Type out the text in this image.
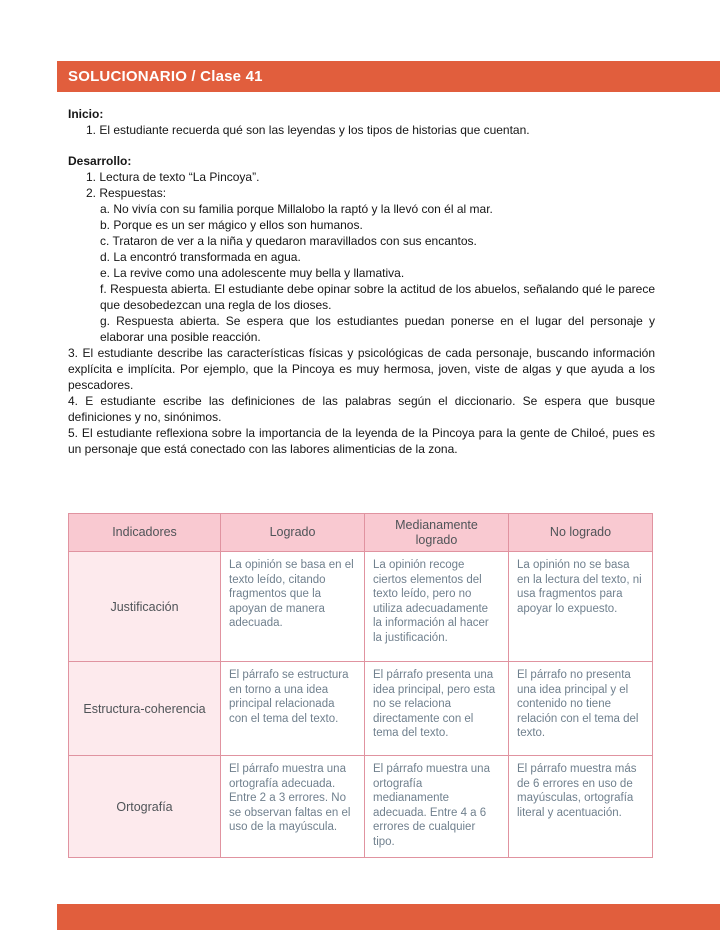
SOLUCIONARIO / Clase 41

Inicio:

1. El estudiante recuerda qué son las leyendas y los tipos de historias que cuentan.

Desarrollo:

1. Lectura de texto “La Pincoya”.

2. Respuestas:

a. No vivía con su familia porque Millalobo la raptó y la llevó con él al mar.

b. Porque es un ser mágico y ellos son humanos.

c. Trataron de ver a la niña y quedaron maravillados con sus encantos.

d. La encontró transformada en agua.

e. La revive como una adolescente muy bella y llamativa.

f. Respuesta abierta. El estudiante debe opinar sobre la actitud de los abuelos, señalando qué le parece que desobedezcan una regla de los dioses.

g. Respuesta abierta. Se espera que los estudiantes puedan ponerse en el lugar del personaje y elaborar una posible reacción.

3. El estudiante describe las características físicas y psicológicas de cada personaje, buscando información explícita e implícita. Por ejemplo, que la Pincoya es muy hermosa, joven, viste de algas y que ayuda a los pescadores.

4. E estudiante escribe las definiciones de las palabras según el diccionario. Se espera que busque definiciones y no, sinónimos.

5. El estudiante reflexiona sobre la importancia de la leyenda de la Pincoya para la gente de Chiloé, pues es un personaje que está conectado con las labores alimenticias de la zona.

Indicadores	Logrado	Medianamente logrado	No logrado
Justificación	La opinión se basa en el texto leído, citando fragmentos que la apoyan de manera adecuada.	La opinión recoge ciertos elementos del texto leído, pero no utiliza adecuadamente la información al hacer la justificación.	La opinión no se basa en la lectura del texto, ni usa fragmentos para apoyar lo expuesto.
Estructura-coherencia	El párrafo se estructura en torno a una idea principal relacionada con el tema del texto.	El párrafo presenta una idea principal, pero esta no se relaciona directamente con el tema del texto.	El párrafo no presenta una idea principal y el contenido no tiene relación con el tema del texto.
Ortografía	El párrafo muestra una ortografía adecuada. Entre 2 a 3 errores. No se observan faltas en el uso de la mayúscula.	El párrafo muestra una ortografía medianamente adecuada. Entre 4 a 6 errores de cualquier tipo.	El párrafo muestra más de 6 errores en uso de mayúsculas, ortografía literal y acentuación.
